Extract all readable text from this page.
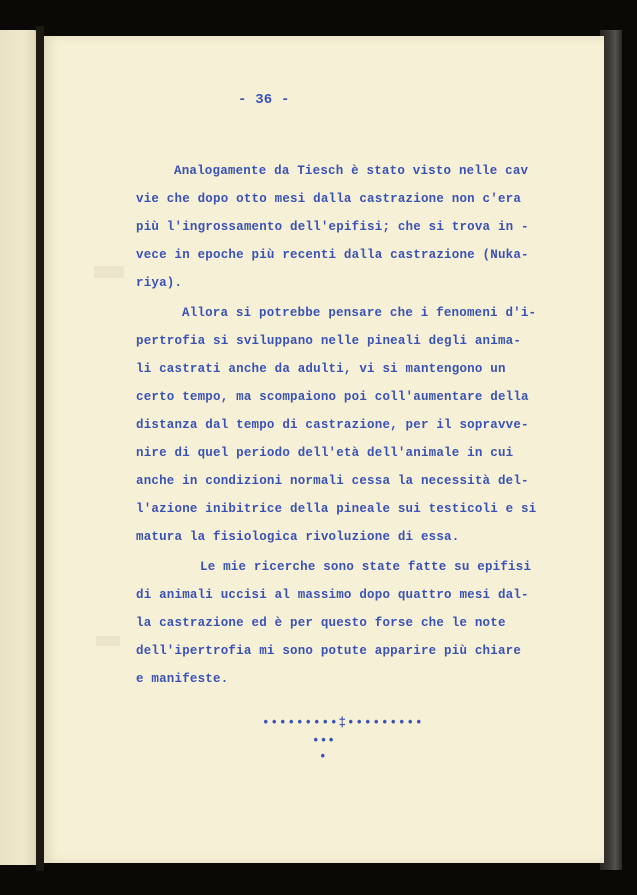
- 36 -
Analogamente da Tiesch è stato visto nelle cav
vie che dopo otto mesi dalla castrazione non c'era
più l'ingrossamento dell'epifisi; che si trova in -
vece in epoche più recenti dalla castrazione (Nuka-
riya).
Allora si potrebbe pensare che i fenomeni d'i-
pertrofia si sviluppano nelle pineali degli anima-
li castrati anche da adulti, vi si mantengono un
certo tempo, ma scompaiono poi coll'aumentare della
distanza dal tempo di castrazione, per il sopravve-
nire di quel periodo dell'età dell'animale in cui
anche in condizioni normali cessa la necessità del-
l'azione inibitrice della pineale sui testicoli e si
matura la fisiologica rivoluzione di essa.
Le mie ricerche sono state fatte su epifisi
di animali uccisi al massimo dopo quattro mesi dal-
la castrazione ed è per questo forse che le note
dell'ipertrofia mi sono potute apparire più chiare
e manifeste.
•••••••••‡•••••••••
•••
•
